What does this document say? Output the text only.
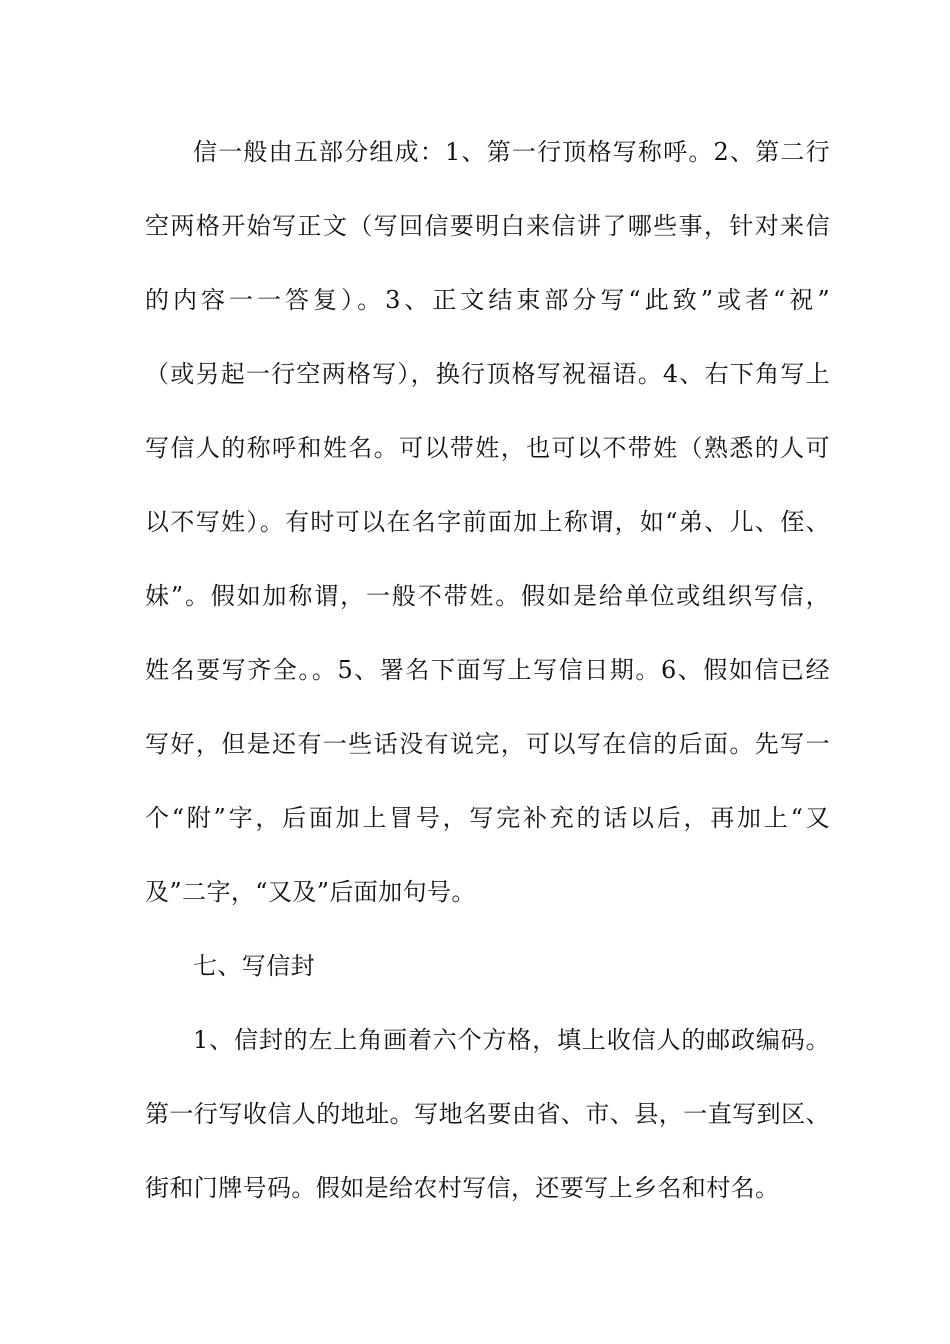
信一般由五部分组成：1、第一行顶格写称呼。2、第二行
空两格开始写正文（写回信要明白来信讲了哪些事，针对来信
的内容一一答复）。3、正文结束部分写“此致”或者“祝”
（或另起一行空两格写），换行顶格写祝福语。4、右下角写上
写信人的称呼和姓名。可以带姓，也可以不带姓（熟悉的人可
以不写姓）。有时可以在名字前面加上称谓，如“弟、儿、侄、
妹”。假如加称谓，一般不带姓。假如是给单位或组织写信，
姓名要写齐全。。5、署名下面写上写信日期。6、假如信已经
写好，但是还有一些话没有说完，可以写在信的后面。先写一
个“附”字，后面加上冒号，写完补充的话以后，再加上“又
及”二字，“又及”后面加句号。
七、写信封
1、信封的左上角画着六个方格，填上收信人的邮政编码。
第一行写收信人的地址。写地名要由省、市、县，一直写到区、
街和门牌号码。假如是给农村写信，还要写上乡名和村名。
